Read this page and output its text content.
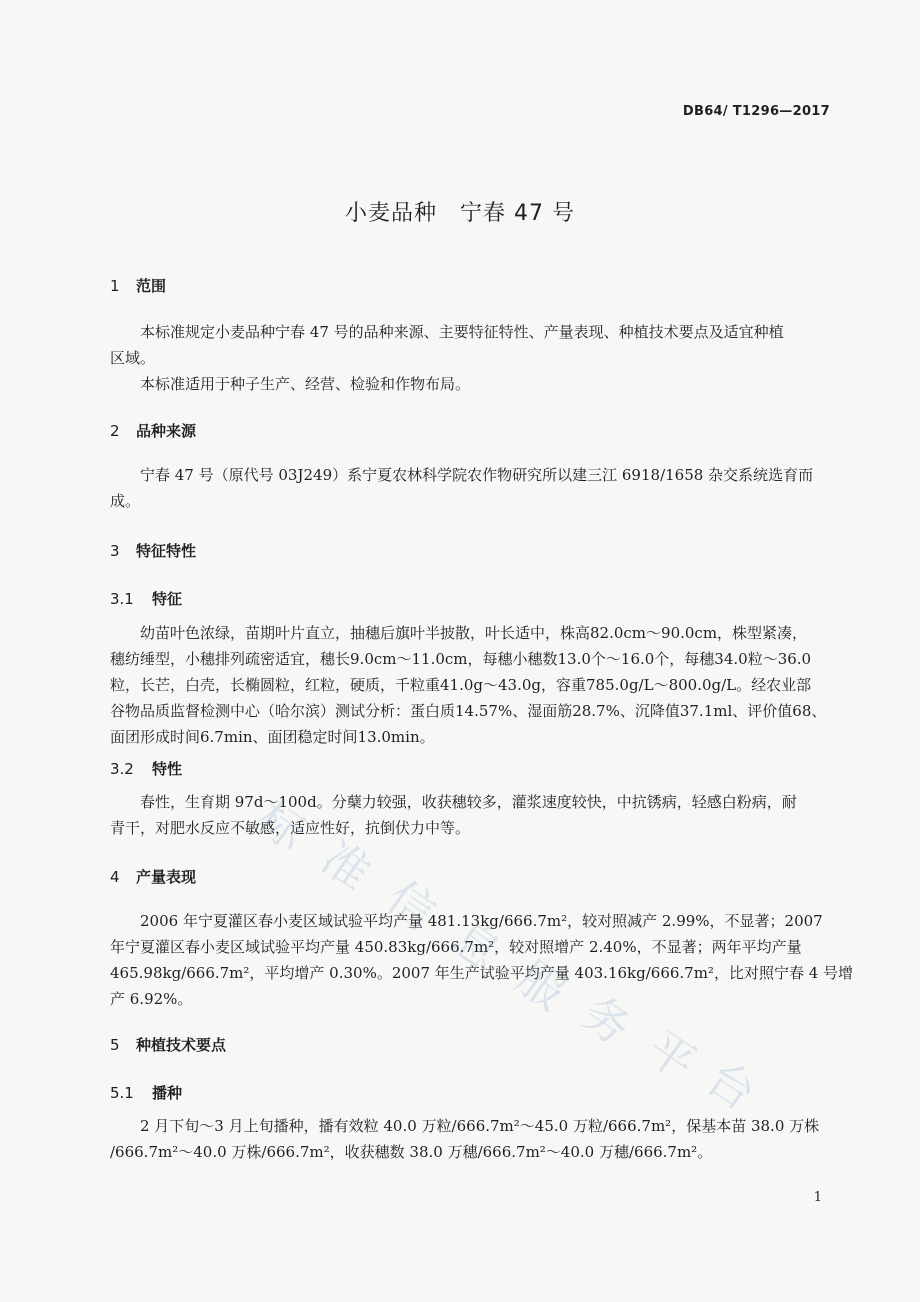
DB64/ T1296—2017
小麦品种　宁春 47 号
1 范围
　　本标准规定小麦品种宁春 47 号的品种来源、主要特征特性、产量表现、种植技术要点及适宜种植
区域。
　　本标准适用于种子生产、经营、检验和作物布局。
2 品种来源
　　宁春 47 号（原代号 03J249）系宁夏农林科学院农作物研究所以建三江 6918/1658 杂交系统选育而
成。
3 特征特性
3.1 特征
　　幼苗叶色浓绿，苗期叶片直立，抽穗后旗叶半披散，叶长适中，株高82.0cm～90.0cm，株型紧凑，
穗纺缍型，小穗排列疏密适宜，穗长9.0cm～11.0cm，每穗小穗数13.0个～16.0个，每穗34.0粒～36.0
粒，长芒，白壳，长椭圆粒，红粒，硬质，千粒重41.0g～43.0g，容重785.0g/L～800.0g/L。经农业部
谷物品质监督检测中心（哈尔滨）测试分析：蛋白质14.57%、湿面筋28.7%、沉降值37.1ml、评价值68、
面团形成时间6.7min、面团稳定时间13.0min。
3.2 特性
　　春性，生育期 97d～100d。分蘖力较强，收获穗较多，灌浆速度较快，中抗锈病，轻感白粉病，耐
青干，对肥水反应不敏感，适应性好，抗倒伏力中等。
4 产量表现
　　2006 年宁夏灌区春小麦区域试验平均产量 481.13kg/666.7m²，较对照减产 2.99%，不显著；2007
年宁夏灌区春小麦区域试验平均产量 450.83kg/666.7m²，较对照增产 2.40%，不显著；两年平均产量
465.98kg/666.7m²，平均增产 0.30%。2007 年生产试验平均产量 403.16kg/666.7m²，比对照宁春 4 号增
产 6.92%。
5 种植技术要点
5.1 播种
　　2 月下旬～3 月上旬播种，播有效粒 40.0 万粒/666.7m²～45.0 万粒/666.7m²，保基本苗 38.0 万株
/666.7m²～40.0 万株/666.7m²，收获穗数 38.0 万穗/666.7m²～40.0 万穗/666.7m²。
1
标
准
信
息
服
务
平
台
